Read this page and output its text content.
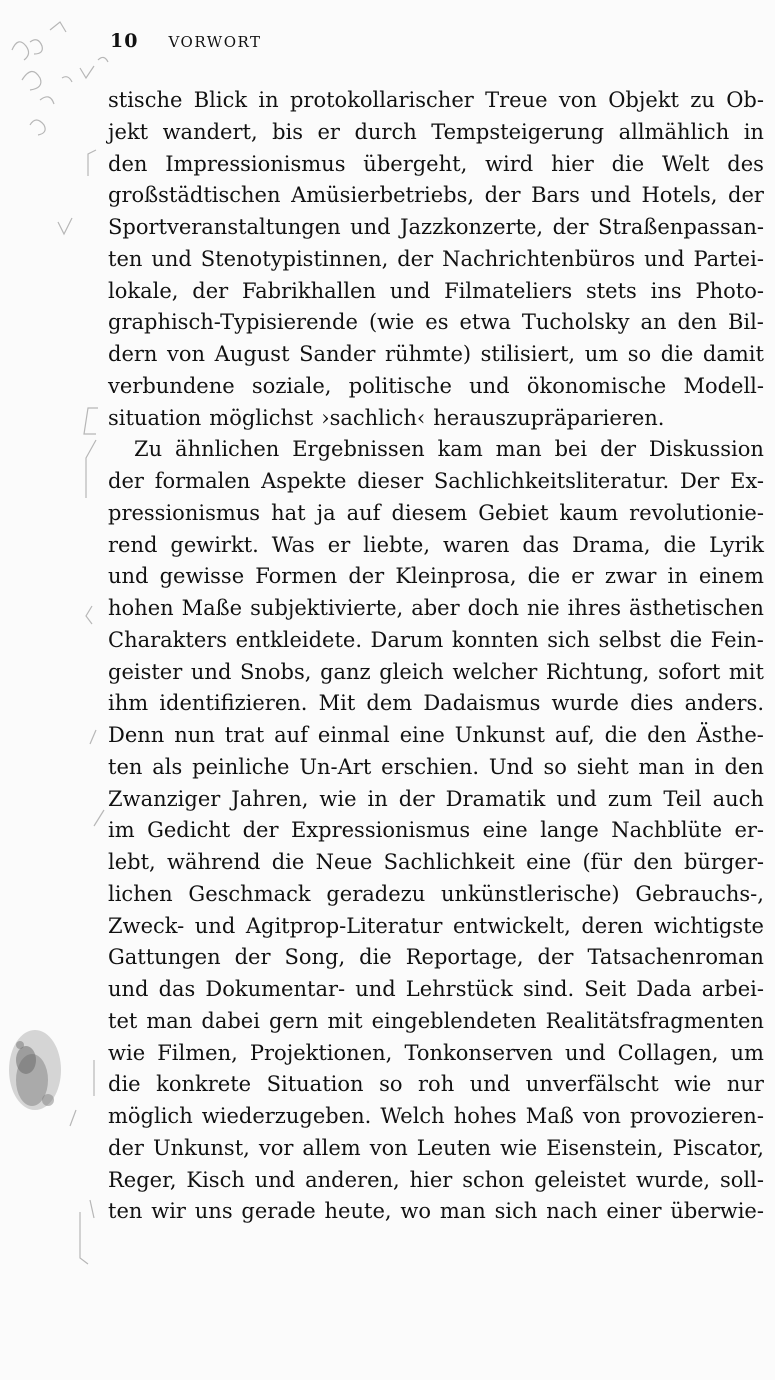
10 VORWORT
stische Blick in protokollarischer Treue von Objekt zu Ob-
jekt wandert, bis er durch Tempsteigerung allmählich in
den Impressionismus übergeht, wird hier die Welt des
großstädtischen Amüsierbetriebs, der Bars und Hotels, der
Sportveranstaltungen und Jazzkonzerte, der Straßenpassan-
ten und Stenotypistinnen, der Nachrichtenbüros und Partei-
lokale, der Fabrikhallen und Filmateliers stets ins Photo-
graphisch-Typisierende (wie es etwa Tucholsky an den Bil-
dern von August Sander rühmte) stilisiert, um so die damit
verbundene soziale, politische und ökonomische Modell-
situation möglichst ›sachlich‹ herauszupräparieren.
Zu ähnlichen Ergebnissen kam man bei der Diskussion
der formalen Aspekte dieser Sachlichkeitsliteratur. Der Ex-
pressionismus hat ja auf diesem Gebiet kaum revolutionie-
rend gewirkt. Was er liebte, waren das Drama, die Lyrik
und gewisse Formen der Kleinprosa, die er zwar in einem
hohen Maße subjektivierte, aber doch nie ihres ästhetischen
Charakters entkleidete. Darum konnten sich selbst die Fein-
geister und Snobs, ganz gleich welcher Richtung, sofort mit
ihm identifizieren. Mit dem Dadaismus wurde dies anders.
Denn nun trat auf einmal eine Unkunst auf, die den Ästhe-
ten als peinliche Un-Art erschien. Und so sieht man in den
Zwanziger Jahren, wie in der Dramatik und zum Teil auch
im Gedicht der Expressionismus eine lange Nachblüte er-
lebt, während die Neue Sachlichkeit eine (für den bürger-
lichen Geschmack geradezu unkünstlerische) Gebrauchs-,
Zweck- und Agitprop-Literatur entwickelt, deren wichtigste
Gattungen der Song, die Reportage, der Tatsachenroman
und das Dokumentar- und Lehrstück sind. Seit Dada arbei-
tet man dabei gern mit eingeblendeten Realitätsfragmenten
wie Filmen, Projektionen, Tonkonserven und Collagen, um
die konkrete Situation so roh und unverfälscht wie nur
möglich wiederzugeben. Welch hohes Maß von provozieren-
der Unkunst, vor allem von Leuten wie Eisenstein, Piscator,
Reger, Kisch und anderen, hier schon geleistet wurde, soll-
ten wir uns gerade heute, wo man sich nach einer überwie-
